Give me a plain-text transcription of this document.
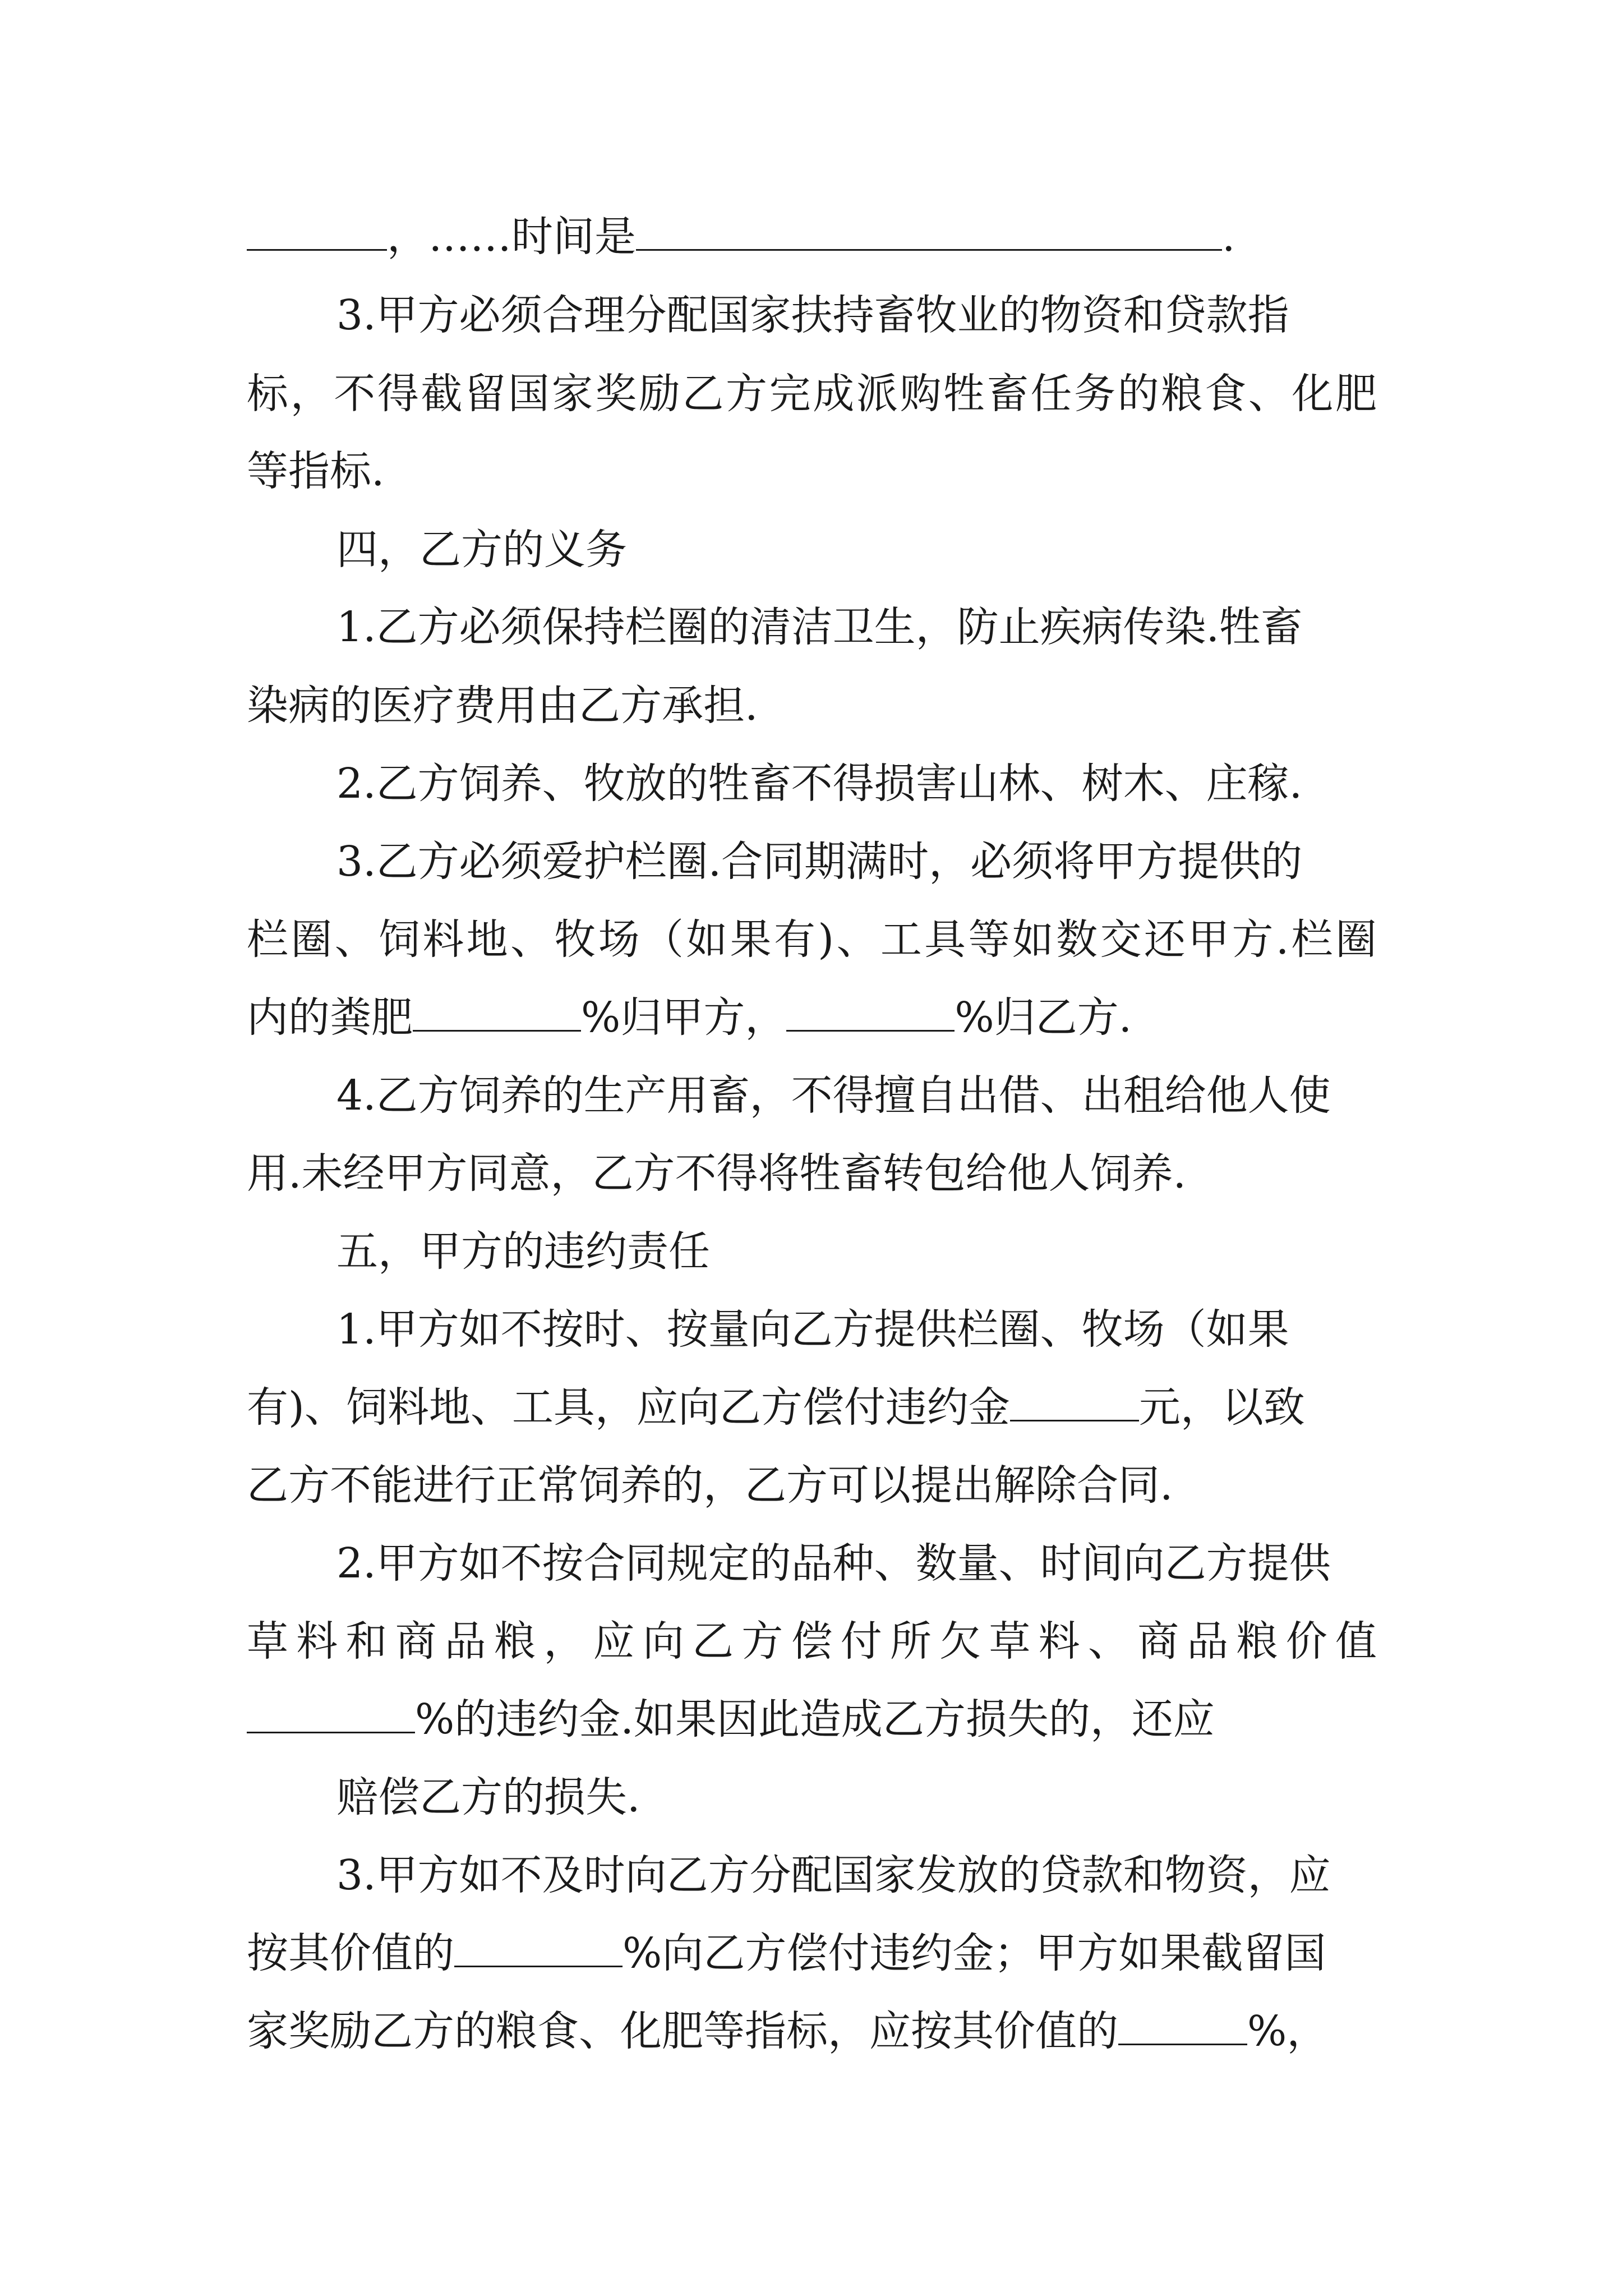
，……时间是	.
3.甲方必须合理分配国家扶持畜牧业的物资和贷款指
标，不得截留国家奖励乙方完成派购牲畜任务的粮食、化肥
等指标.
四，乙方的义务
1.乙方必须保持栏圈的清洁卫生，防止疾病传染.牲畜
染病的医疗费用由乙方承担.
2.乙方饲养、牧放的牲畜不得损害山林、树木、庄稼.
3.乙方必须爱护栏圈.合同期满时，必须将甲方提供的
栏圈、饲料地、牧场（如果有)、工具等如数交还甲方.栏圈
内的粪肥	%归甲方，	%归乙方.
4.乙方饲养的生产用畜，不得擅自出借、出租给他人使
用.未经甲方同意，乙方不得将牲畜转包给他人饲养.
五，甲方的违约责任
1.甲方如不按时、按量向乙方提供栏圈、牧场（如果
有)、饲料地、工具，应向乙方偿付违约金	元，以致
乙方不能进行正常饲养的，乙方可以提出解除合同.
2.甲方如不按合同规定的品种、数量、时间向乙方提供
草料和商品粮，应向乙方偿付所欠草料、商品粮价值
%的违约金.如果因此造成乙方损失的，还应
赔偿乙方的损失.
3.甲方如不及时向乙方分配国家发放的贷款和物资，应
按其价值的	%向乙方偿付违约金；甲方如果截留国
家奖励乙方的粮食、化肥等指标，应按其价值的	%，
